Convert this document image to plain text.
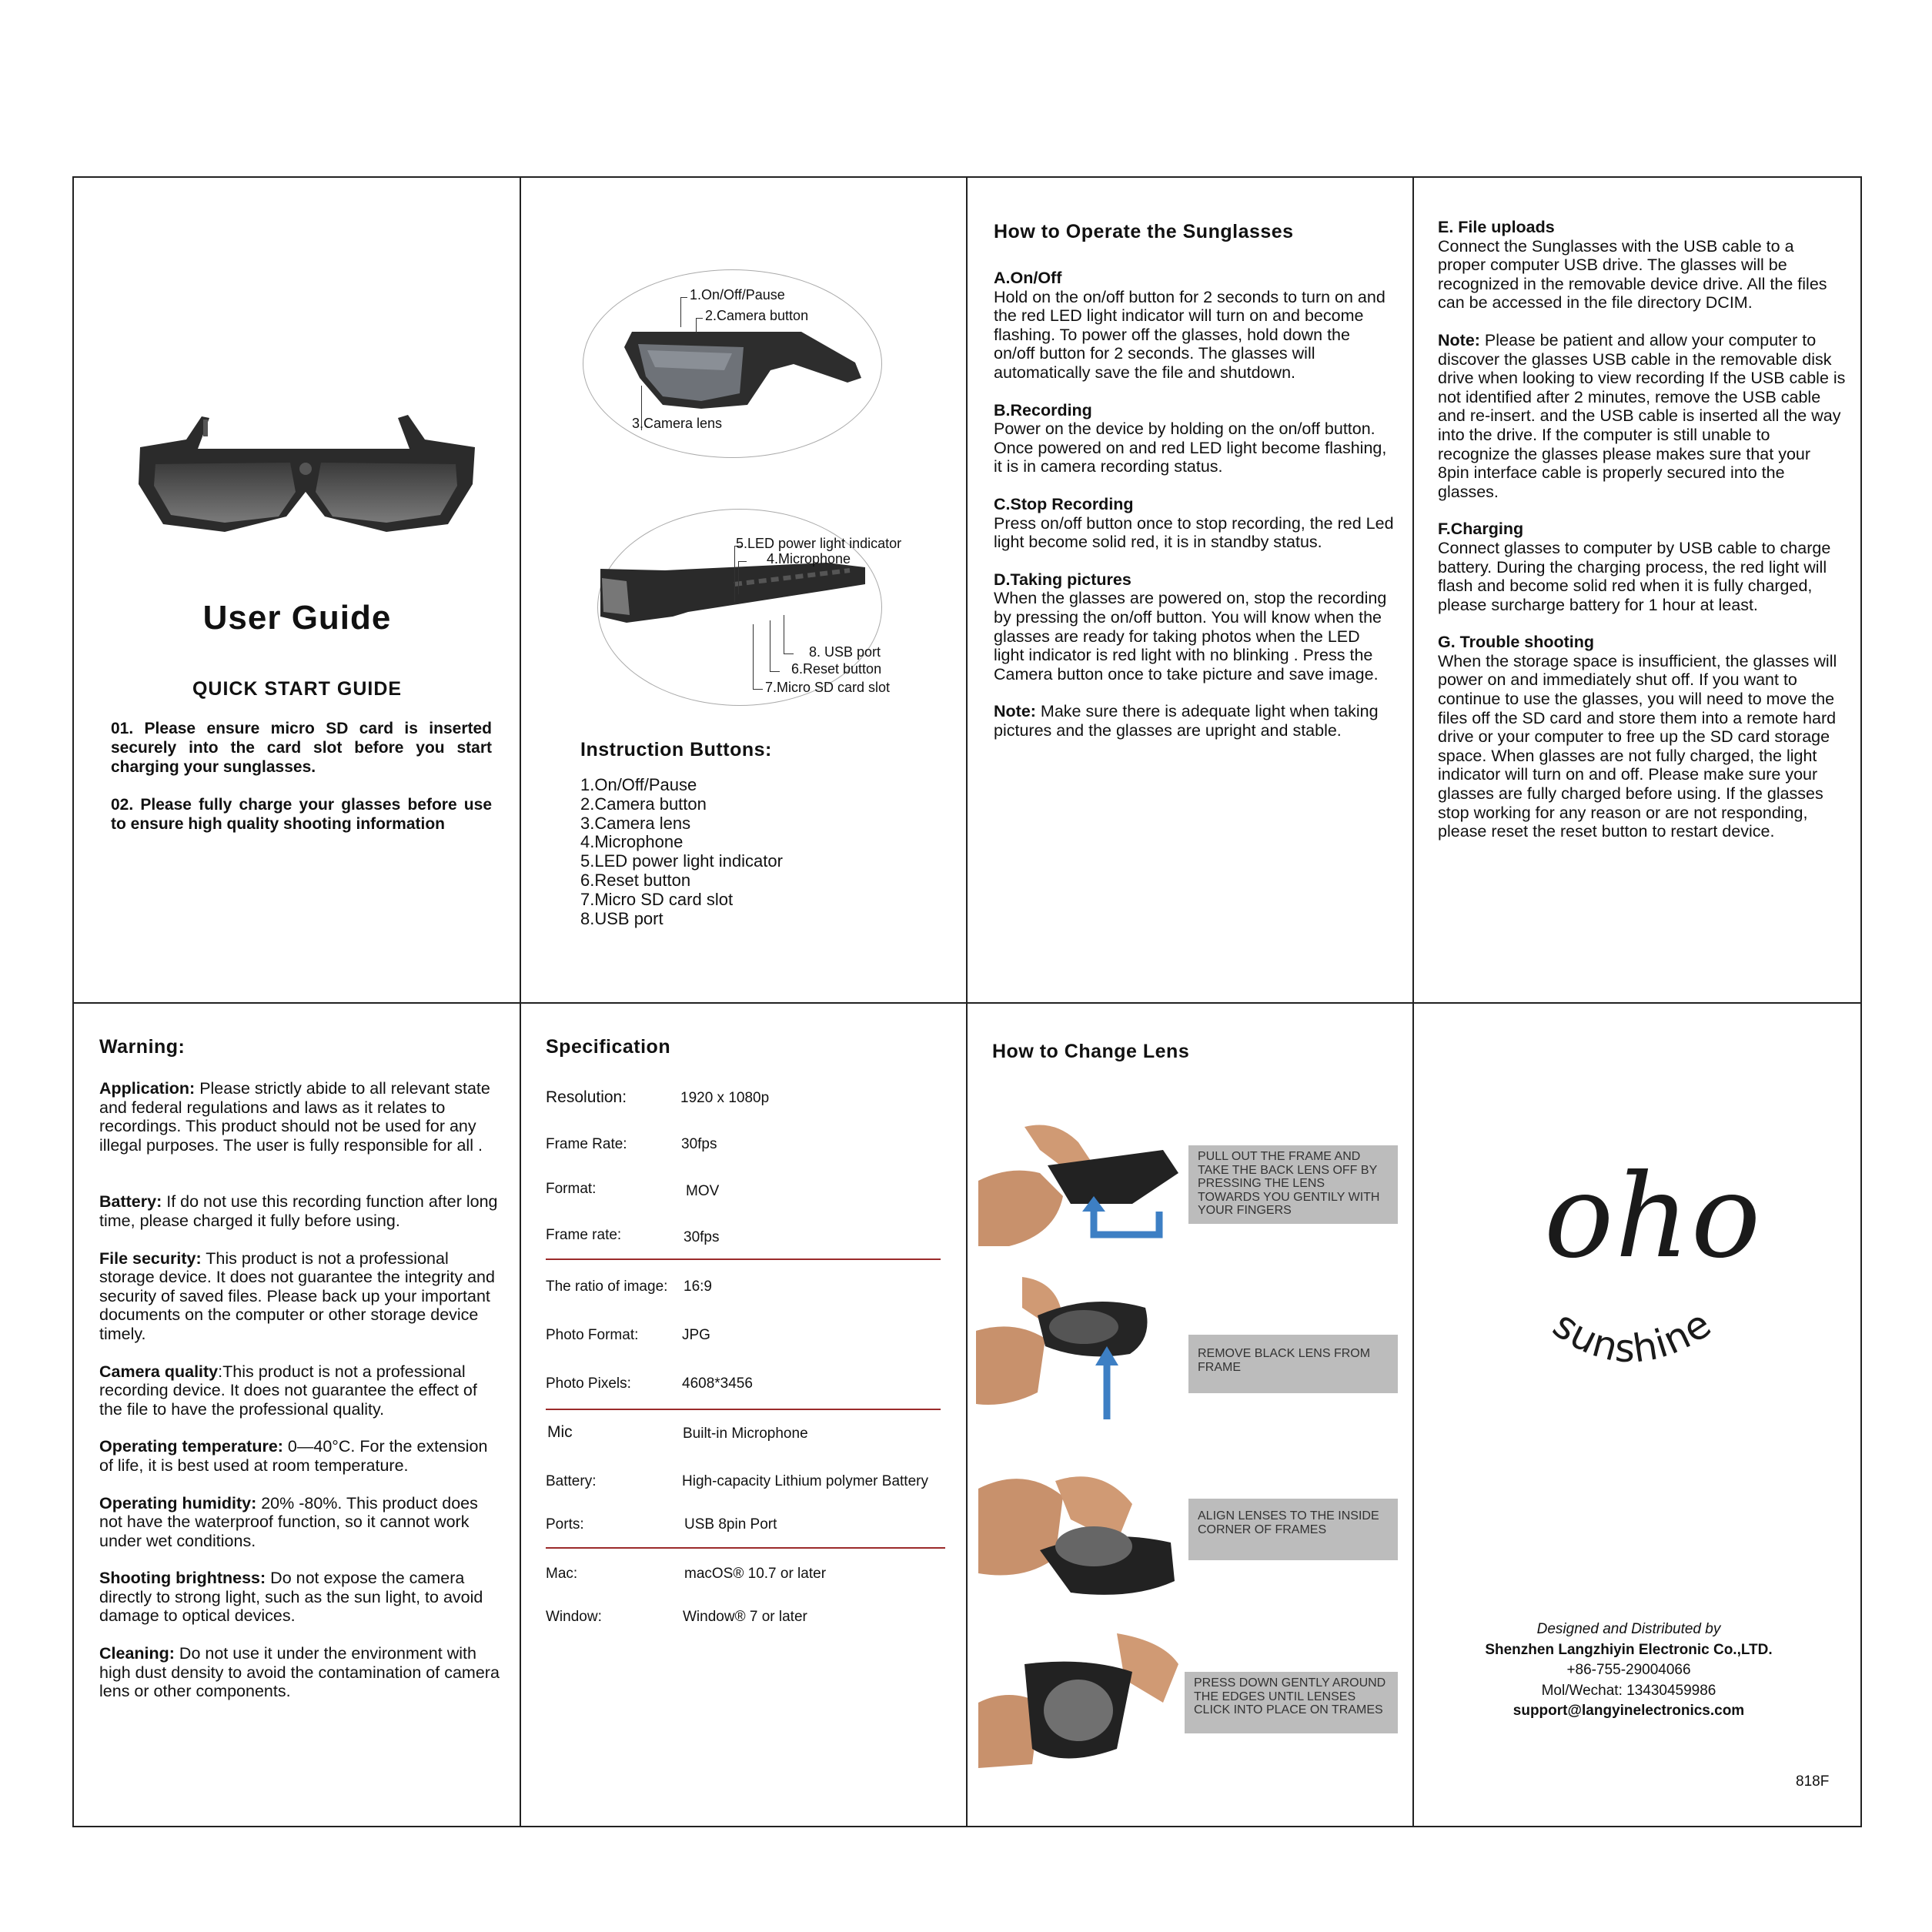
User Guide
QUICK START GUIDE
01. Please ensure micro SD card is inserted securely into the card slot before you start charging your sunglasses.
02. Please fully charge your glasses before use to ensure high quality shooting information
1.On/Off/Pause
2.Camera button
3.Camera lens
5.LED power light indicator
4.Microphone
8. USB port
6.Reset button
7.Micro SD card slot
Instruction Buttons:
1.On/Off/Pause
2.Camera button
3.Camera lens
4.Microphone
5.LED power light indicator
6.Reset button
7.Micro SD card slot
8.USB port
How to Operate the Sunglasses
A.On/Off
Hold on the on/off button for 2 seconds to turn on and the red LED light indicator will turn on and become flashing. To power off the glasses, hold down the on/off button for 2 seconds. The glasses will automatically save the file and shutdown.
B.Recording
Power on the device by holding on the on/off button. Once powered on and red LED light become flashing, it is in camera recording status.
C.Stop Recording
Press on/off button once to stop recording, the red Led light become solid red, it is in standby status.
D.Taking pictures
When the glasses are powered on, stop the recording by pressing the on/off button. You will know when the glasses are ready for taking photos when the LED light indicator is red light with no blinking . Press the Camera button once to take picture and save image.
Note: Make sure there is adequate light when taking pictures and the glasses are upright and stable.
E. File uploads
Connect the Sunglasses with the USB cable to a proper computer USB drive. The glasses will be recognized in the removable device drive. All the files can be accessed in the file directory DCIM.
Note: Please be patient and allow your computer to discover the glasses USB cable in the removable disk drive when looking to view recording If the USB cable is not identified after 2 minutes, remove the USB cable and re-insert. and the USB cable is inserted all the way into the drive. If the computer is still unable to recognize the glasses please makes sure that your 8pin interface cable is properly secured into the glasses.
F.Charging
Connect glasses to computer by USB cable to charge battery. During the charging process, the red light will flash and become solid red when it is fully charged, please surcharge battery for 1 hour at least.
G. Trouble shooting
When the storage space is insufficient, the glasses will power on and immediately shut off. If you want to continue to use the glasses, you will need to move the files off the SD card and store them into a remote hard drive or your computer to free up the SD card storage space. When glasses are not fully charged, the light indicator will turn on and off. Please make sure your glasses are fully charged before using. If the glasses stop working for any reason or are not responding, please reset the reset button to restart device.
Warning:
Application: Please strictly abide to all relevant state and federal regulations and laws as it relates to recordings. This product should not be used for any illegal purposes. The user is fully responsible for all .
Battery: If do not use this recording function after long time, please charged it fully before using.
File security: This product is not a professional storage device. It does not guarantee the integrity and security of saved files. Please back up your important documents on the computer or other storage device timely.
Camera quality:This product is not a professional recording device. It does not guarantee the effect of the file to have the professional quality.
Operating temperature: 0—40°C. For the extension of life, it is best used at room temperature.
Operating humidity: 20% -80%. This product does not have the waterproof function, so it cannot work under wet conditions.
Shooting brightness: Do not expose the camera directly to strong light, such as the sun light, to avoid damage to optical devices.
Cleaning: Do not use it under the environment with high dust density to avoid the contamination of camera lens or other components.
Specification
Resolution:	1920 x 1080p
Frame Rate:	30fps
Format:	MOV
Frame rate:	30fps
The ratio of image: 16:9
Photo Format:	JPG
Photo Pixels:	4608*3456
Mic	Built-in Microphone
Battery:	High-capacity Lithium polymer Battery
Ports:	USB 8pin Port
Mac:	macOS® 10.7 or later
Window:	Window® 7 or later
How to Change Lens
PULL OUT THE FRAME AND TAKE THE BACK LENS OFF BY PRESSING THE LENS TOWARDS YOU GENTILY WITH YOUR FINGERS
REMOVE BLACK LENS FROM FRAME
ALIGN LENSES TO THE INSIDE CORNER OF FRAMES
PRESS DOWN GENTLY AROUND THE EDGES UNTIL LENSES CLICK INTO PLACE ON TRAMES
oho
sunshine
Designed and Distributed by
Shenzhen Langzhiyin Electronic Co.,LTD.
+86-755-29004066
Mol/Wechat: 13430459986
support@langyinelectronics.com
818F
